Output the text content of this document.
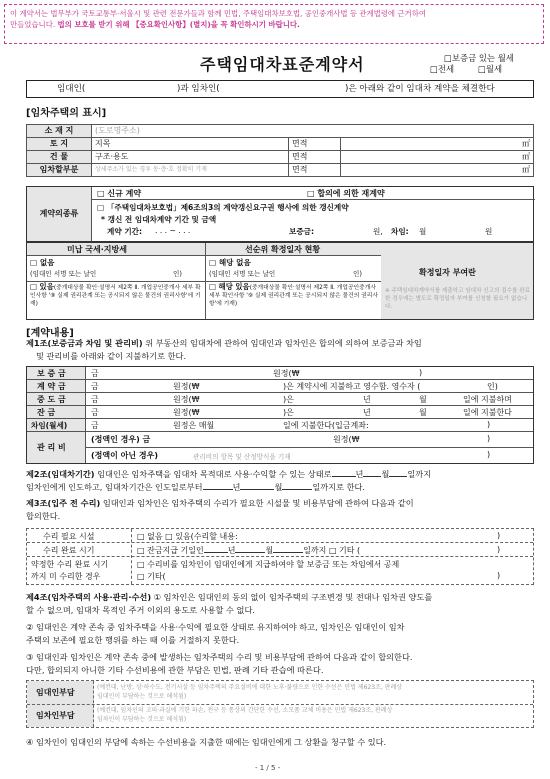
이 계약서는 법무부가 국토교통부·서울시 및 관련 전문가들과 함께 민법, 주택임대차보호법, 공인중개사법 등 관계법령에 근거하여
만들었습니다. 법의 보호를 받기 위해 【중요확인사항】(별지)을 꼭 확인하시기 바랍니다.
주택임대차표준계약서	□보증금 있는 월세
□전세	□월세
임대인(	)과 임차인(	)은 아래와 같이 임대차 계약을 체결한다
[임차주택의 표시]
소 재 지	(도로명주소)		
토 지	지목	면적	㎡
건 물	구조·용도	면적	㎡
임차할부분	상세주소가 있는 경우 동·층·호 정확히 기재	면적	㎡
계약의종류
□ 신규 계약	□ 합의에 의한 재계약
□ 「주택임대차보호법」제6조의3의 계약갱신요구권 행사에 의한 갱신계약
* 갱신 전 임대차계약 기간 및 금액
계약 기간: . . . ~ . . .	보증금:	원, 차임: 월	원
미납 국세·지방세	선순위 확정일자 현황
□ 없음
(임대인 서명 또는 날인	인)
□ 해당 없음
(임대인 서명 또는 날인	인)
□ 있음(중개대상물 확인·설명서 제2쪽 Ⅱ. 개업공인중개사 세부 확인사항 '⑨ 실제 권리관계 또는 공시되지 않은 물건의 권리사항'에 기재)
□ 해당 있음(중개대상물 확인·설명서 제2쪽 Ⅱ. 개업공인중개사 세부 확인사항 '⑨ 실제 권리관계 또는 공시되지 않은 물건의 권리사항'에 기재)
확정일자 부여란
※ 주택임대차계약서를 제출하고 임대차 신고의 접수를 완료한 경우에는 별도로 확정일자 부여를 신청할 필요가 없습니다.
[계약내용]
제1조(보증금과 차임 및 관리비) 위 부동산의 임대차에 관하여 임대인과 임차인은 합의에 의하여 보증금과 차임
및 관리비를 아래와 같이 지불하기로 한다.
보 증 금	금	원정(₩	)
계 약 금	금	원정(₩	)은 계약시에 지불하고 영수함. 영수자 (	인)
중 도 금	금	원정(₩	)은	년	월	일에 지불하며
잔 금	금	원정(₩	)은	년	월	일에 지불한다
차임(월세)	금	원정은 매월	일에 지불한다(입금계좌:	)
관 리 비
(정액인 경우) 금	원정(₩	)
(정액이 아닌 경우)	관리비의 항목 및 산정방식을 기재	)
제2조(임대차기간) 임대인은 임차주택을 임대차 목적대로 사용·수익할 수 있는 상태로	년 월 일까지
임차인에게 인도하고, 임대차기간은 인도일로부터	년	월	일까지로 한다.
제3조(입주 전 수리) 임대인과 임차인은 임차주택의 수리가 필요한 시설물 및 비용부담에 관하여 다음과 같이
합의한다.
수리 필요 시설	□ 없음 □ 있음(수리할 내용:	)
수리 완료 시기	□ 잔금지급 기일인	년	월	일까지 □ 기타 (	)
약정한 수리 완료 시기
까지 미 수리한 경우
□ 수리비를 임차인이 임대인에게 지급하여야 할 보증금 또는 차임에서 공제
□ 기타(	)
제4조(임차주택의 사용·관리·수선) ① 임차인은 임대인의 동의 없이 임차주택의 구조변경 및 전대나 임차권 양도를
할 수 없으며, 임대차 목적인 주거 이외의 용도로 사용할 수 없다.
② 임대인은 계약 존속 중 임차주택을 사용·수익에 필요한 상태로 유지하여야 하고, 임차인은 임대인이 임차
주택의 보존에 필요한 행위를 하는 때 이를 거절하지 못한다.
③ 임대인과 임차인은 계약 존속 중에 발생하는 임차주택의 수리 및 비용부담에 관하여 다음과 같이 합의한다.
다만, 합의되지 아니한 기타 수선비용에 관한 부담은 민법, 판례 기타 관습에 따른다.
임대인부담
(예컨대, 난방, 상·하수도, 전기시설 등 임차주택의 주요설비에 대한 노후·불량으로 인한 수선은 민법 제623조, 판례상
임대인이 부담하는 것으로 해석됨)
임차인부담
(예컨대, 임차인의 고의·과실에 기한 파손, 전구 등 통상의 간단한 수선, 소모품 교체 비용은 민법 제623조, 판례상
임차인이 부담하는 것으로 해석됨)
④ 임차인이 임대인의 부담에 속하는 수선비용을 지출한 때에는 임대인에게 그 상환을 청구할 수 있다.
- 1 / 5 -
